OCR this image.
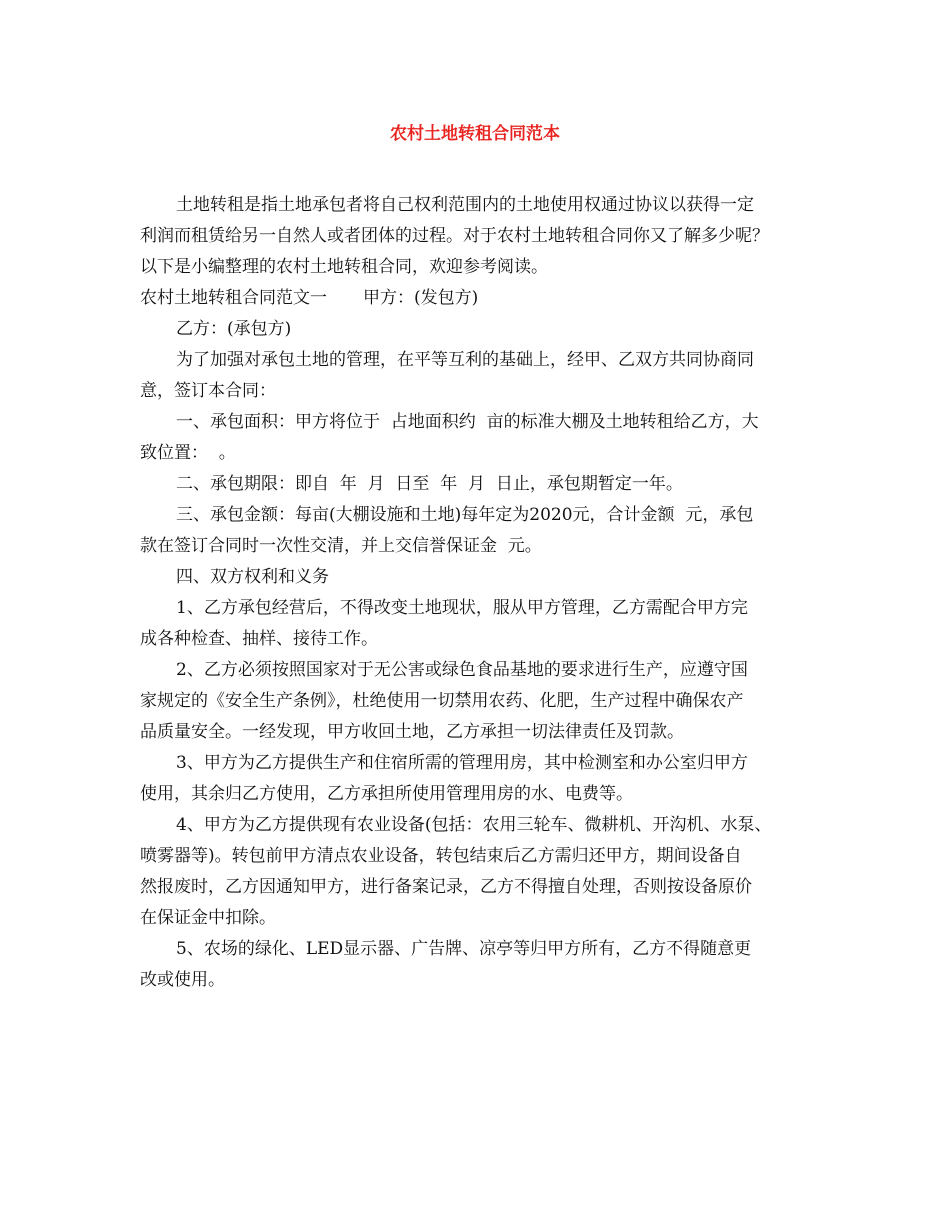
农村土地转租合同范本
土地转租是指土地承包者将自己权利范围内的土地使用权通过协议以获得一定
利润而租赁给另一自然人或者团体的过程。对于农村土地转租合同你又了解多少呢？
以下是小编整理的农村土地转租合同，欢迎参考阅读。
农村土地转租合同范文一 甲方：(发包方)
乙方：(承包方)
为了加强对承包土地的管理，在平等互利的基础上，经甲、乙双方共同协商同
意，签订本合同：
一、承包面积：甲方将位于  占地面积约  亩的标准大棚及土地转租给乙方，大
致位置：  。
二、承包期限：即自  年  月  日至  年  月  日止，承包期暂定一年。
三、承包金额：每亩(大棚设施和土地)每年定为2020元，合计金额  元，承包
款在签订合同时一次性交清，并上交信誉保证金  元。
四、双方权利和义务
1、乙方承包经营后，不得改变土地现状，服从甲方管理，乙方需配合甲方完
成各种检查、抽样、接待工作。
2、乙方必须按照国家对于无公害或绿色食品基地的要求进行生产，应遵守国
家规定的《安全生产条例》，杜绝使用一切禁用农药、化肥，生产过程中确保农产
品质量安全。一经发现，甲方收回土地，乙方承担一切法律责任及罚款。
3、甲方为乙方提供生产和住宿所需的管理用房，其中检测室和办公室归甲方
使用，其余归乙方使用，乙方承担所使用管理用房的水、电费等。
4、甲方为乙方提供现有农业设备(包括：农用三轮车、微耕机、开沟机、水泵、
喷雾器等)。转包前甲方清点农业设备，转包结束后乙方需归还甲方，期间设备自
然报废时，乙方因通知甲方，进行备案记录，乙方不得擅自处理，否则按设备原价
在保证金中扣除。
5、农场的绿化、LED显示器、广告牌、凉亭等归甲方所有，乙方不得随意更
改或使用。
